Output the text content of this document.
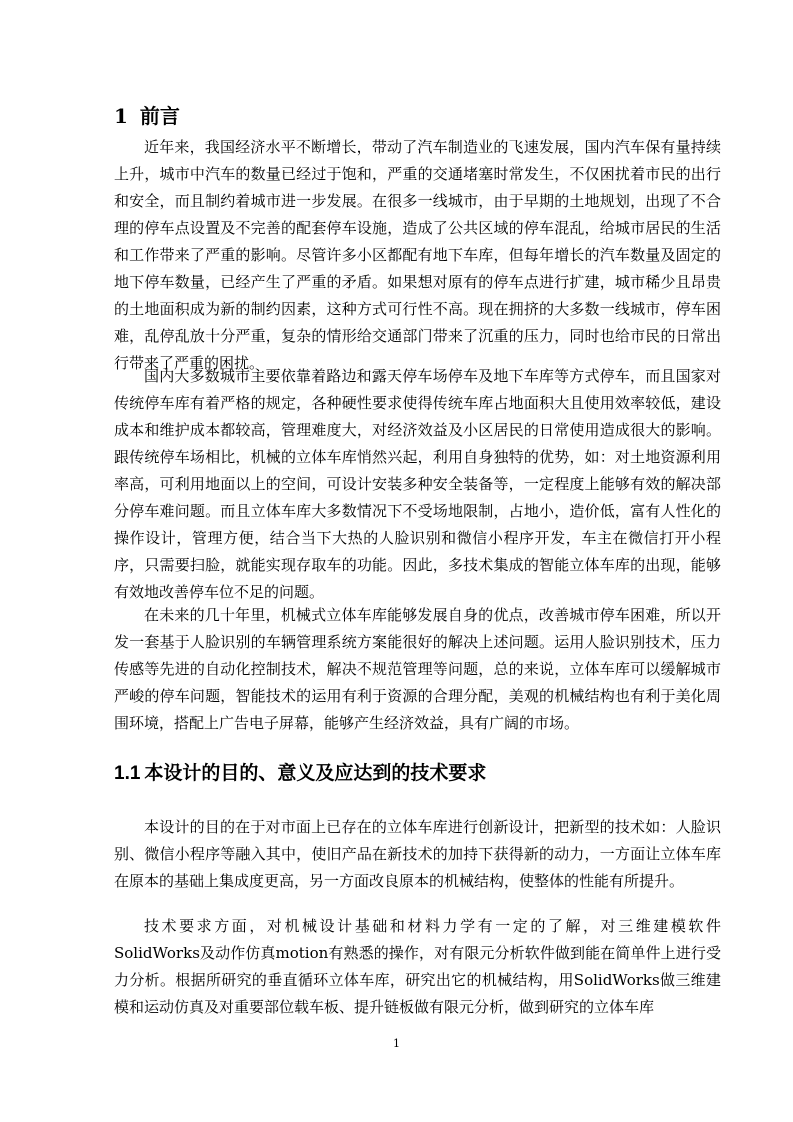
1 前言

近年来，我国经济水平不断增长，带动了汽车制造业的飞速发展，国内汽车保有量持续上升，城市中汽车的数量已经过于饱和，严重的交通堵塞时常发生，不仅困扰着市民的出行和安全，而且制约着城市进一步发展。在很多一线城市，由于早期的土地规划，出现了不合理的停车点设置及不完善的配套停车设施，造成了公共区域的停车混乱，给城市居民的生活和工作带来了严重的影响。尽管许多小区都配有地下车库，但每年增长的汽车数量及固定的地下停车数量，已经产生了严重的矛盾。如果想对原有的停车点进行扩建，城市稀少且昂贵的土地面积成为新的制约因素，这种方式可行性不高。现在拥挤的大多数一线城市，停车困难，乱停乱放十分严重，复杂的情形给交通部门带来了沉重的压力，同时也给市民的日常出行带来了严重的困扰。

国内大多数城市主要依靠着路边和露天停车场停车及地下车库等方式停车，而且国家对传统停车库有着严格的规定，各种硬性要求使得传统车库占地面积大且使用效率较低，建设成本和维护成本都较高，管理难度大，对经济效益及小区居民的日常使用造成很大的影响。跟传统停车场相比，机械的立体车库悄然兴起，利用自身独特的优势，如：对土地资源利用率高，可利用地面以上的空间，可设计安装多种安全装备等，一定程度上能够有效的解决部分停车难问题。而且立体车库大多数情况下不受场地限制，占地小，造价低，富有人性化的操作设计，管理方便，结合当下大热的人脸识别和微信小程序开发，车主在微信打开小程序，只需要扫脸，就能实现存取车的功能。因此，多技术集成的智能立体车库的出现，能够有效地改善停车位不足的问题。

在未来的几十年里，机械式立体车库能够发展自身的优点，改善城市停车困难，所以开发一套基于人脸识别的车辆管理系统方案能很好的解决上述问题。运用人脸识别技术，压力传感等先进的自动化控制技术，解决不规范管理等问题，总的来说，立体车库可以缓解城市严峻的停车问题，智能技术的运用有利于资源的合理分配，美观的机械结构也有利于美化周围环境，搭配上广告电子屏幕，能够产生经济效益，具有广阔的市场。

1.1 本设计的目的、意义及应达到的技术要求

本设计的目的在于对市面上已存在的立体车库进行创新设计，把新型的技术如：人脸识别、微信小程序等融入其中，使旧产品在新技术的加持下获得新的动力，一方面让立体车库在原本的基础上集成度更高，另一方面改良原本的机械结构，使整体的性能有所提升。

技术要求方面，对机械设计基础和材料力学有一定的了解，对三维建模软件SolidWorks及动作仿真motion有熟悉的操作，对有限元分析软件做到能在简单件上进行受力分析。根据所研究的垂直循环立体车库，研究出它的机械结构，用SolidWorks做三维建模和运动仿真及对重要部位载车板、提升链板做有限元分析，做到研究的立体车库

1
